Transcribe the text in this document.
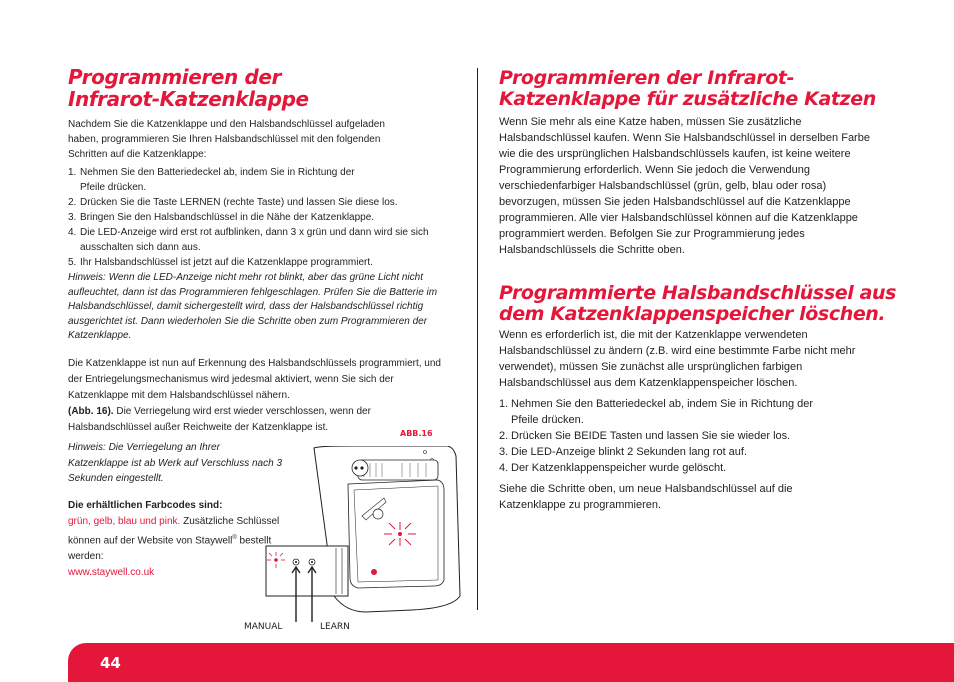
Programmieren der
Infrarot-Katzenklappe
Nachdem Sie die Katzenklappe und den Halsbandschlüssel aufgeladen haben, programmieren Sie Ihren Halsbandschlüssel mit den folgenden Schritten auf die Katzenklappe:
1. Nehmen Sie den Batteriedeckel ab, indem Sie in Richtung der Pfeile drücken.
2. Drücken Sie die Taste LERNEN (rechte Taste) und lassen Sie diese los.
3. Bringen Sie den Halsbandschlüssel in die Nähe der Katzenklappe.
4. Die LED-Anzeige wird erst rot aufblinken, dann 3 x grün und dann wird sie sich ausschalten sich dann aus.
5. Ihr Halsbandschlüssel ist jetzt auf die Katzenklappe programmiert.
Hinweis: Wenn die LED-Anzeige nicht mehr rot blinkt, aber das grüne Licht nicht aufleuchtet, dann ist das Programmieren fehlgeschlagen. Prüfen Sie die Batterie im Halsbandschlüssel, damit sichergestellt wird, dass der Halsbandschlüssel richtig ausgerichtet ist. Dann wiederholen Sie die Schritte oben zum Programmieren der Katzenklappe.
Die Katzenklappe ist nun auf Erkennung des Halsbandschlüssels programmiert, und der Entriegelungsmechanismus wird jedesmal aktiviert, wenn Sie sich der Katzenklappe mit dem Halsbandschlüssel nähern.
(Abb. 16). Die Verriegelung wird erst wieder verschlossen, wenn der Halsbandschlüssel außer Reichweite der Katzenklappe ist.
Hinweis: Die Verriegelung an Ihrer Katzenklappe ist ab Werk auf Verschluss nach 3 Sekunden eingestellt.
Die erhältlichen Farbcodes sind:
grün, gelb, blau und pink. Zusätzliche Schlüssel können auf der Website von Staywell® bestellt werden:
www.staywell.co.uk
ABB.16
MANUAL	LEARN
Programmieren der Infrarot-
Katzenklappe für zusätzliche Katzen
Wenn Sie mehr als eine Katze haben, müssen Sie zusätzliche Halsbandschlüssel kaufen. Wenn Sie Halsbandschlüssel in derselben Farbe wie die des ursprünglichen Halsbandschlüssels kaufen, ist keine weitere Programmierung erforderlich. Wenn Sie jedoch die Verwendung verschiedenfarbiger Halsbandschlüssel (grün, gelb, blau oder rosa) bevorzugen, müssen Sie jeden Halsbandschlüssel auf die Katzenklappe programmieren. Alle vier Halsbandschlüssel können auf die Katzenklappe programmiert werden. Befolgen Sie zur Programmierung jedes Halsbandschlüssels die Schritte oben.
Programmierte Halsbandschlüssel aus
dem Katzenklappenspeicher löschen.
Wenn es erforderlich ist, die mit der Katzenklappe verwendeten Halsbandschlüssel zu ändern (z.B. wird eine bestimmte Farbe nicht mehr verwendet), müssen Sie zunächst alle ursprünglichen farbigen Halsbandschlüssel aus dem Katzenklappenspeicher löschen.
1. Nehmen Sie den Batteriedeckel ab, indem Sie in Richtung der Pfeile drücken.
2. Drücken Sie BEIDE Tasten und lassen Sie sie wieder los.
3. Die LED-Anzeige blinkt 2 Sekunden lang rot auf.
4. Der Katzenklappenspeicher wurde gelöscht.
Siehe die Schritte oben, um neue Halsbandschlüssel auf die Katzenklappe zu programmieren.
44
